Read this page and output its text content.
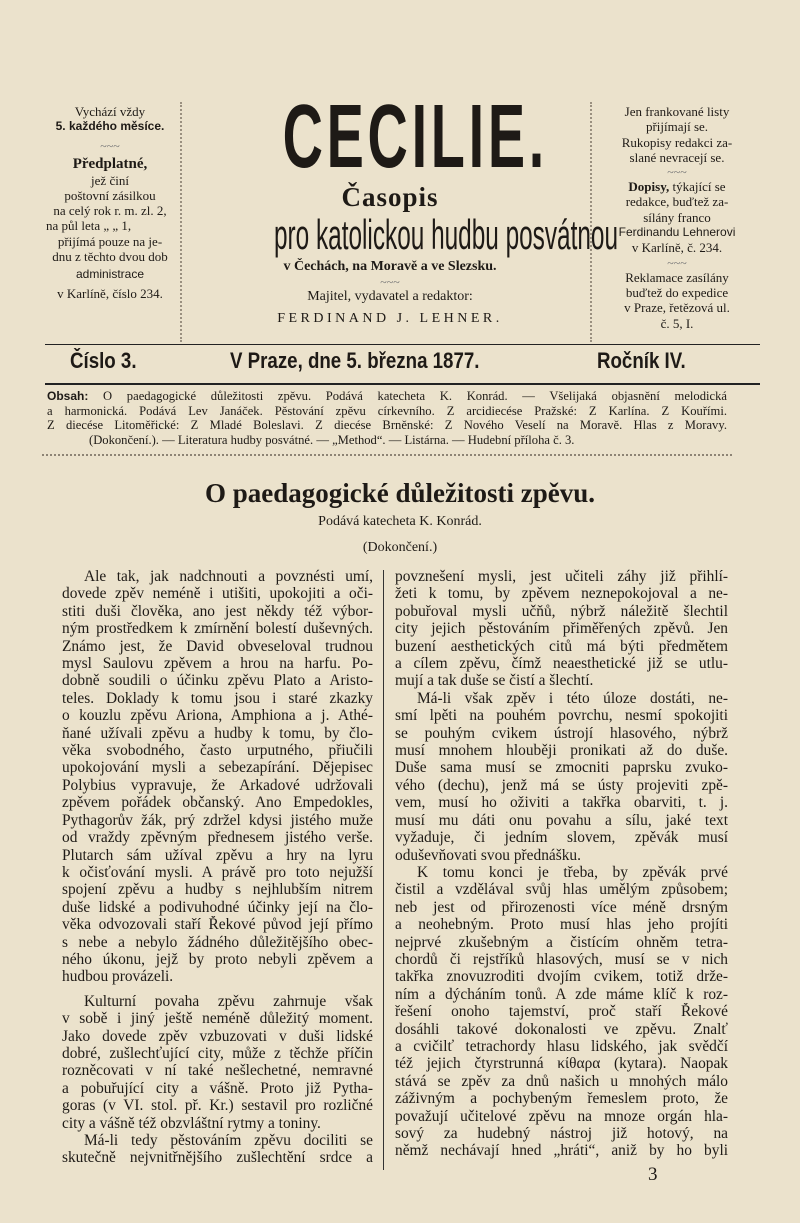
Vychází vždy
5. každého měsíce.
~~~
Předplatné,
jež činí
poštovní zásilkou
na celý rok r. m. zl. 2,
na půl leta „ „ 1,
přijímá pouze na je-
dnu z těchto dvou dob
administrace
v Karlíně, číslo 234.
CECILIE.
Časopis
pro katolickou hudbu posvátnou
v Čechách, na Moravě a ve Slezsku.
~~~
Majitel, vydavatel a redaktor:
FERDINAND J. LEHNER.
Jen frankované listy
přijímají se.
Rukopisy redakci za-
slané nevracejí se.
~~~
Dopisy, týkající se
redakce, buďtež za-
sílány franco
Ferdinandu Lehnerovi
v Karlíně, č. 234.
~~~
Reklamace zasílány
buďtež do expedice
v Praze, řetězová ul.
č. 5, I.
Číslo 3.	V Praze, dne 5. března 1877.	Ročník IV.
Obsah: O paedagogické důležitosti zpěvu. Podává katecheta K. Konrád. — Všelijaká objasnění melodická
a harmonická. Podává Lev Janáček. Pěstování zpěvu církevního. Z arcidiecése Pražské: Z Karlína. Z Kouřími.
Z diecése Litoměřické: Z Mladé Boleslavi. Z diecése Brněnské: Z Nového Veselí na Moravě. Hlas z Moravy.
(Dokončení.). — Literatura hudby posvátné. — „Method“. — Listárna. — Hudební příloha č. 3.
O paedagogické důležitosti zpěvu.
Podává katecheta K. Konrád.
(Dokončení.)
Ale tak, jak nadchnouti a povznésti umí,
dovede zpěv neméně i utišiti, upokojiti a oči-
stiti duši člověka, ano jest někdy též výbor-
ným prostředkem k zmírnění bolestí duševných.
Známo jest, že David obveseloval trudnou
mysl Saulovu zpěvem a hrou na harfu. Po-
dobně soudili o účinku zpěvu Plato a Aristo-
teles. Doklady k tomu jsou i staré zkazky
o kouzlu zpěvu Ariona, Amphiona a j. Athé-
ňané užívali zpěvu a hudby k tomu, by člo-
věka svobodného, často urputného, přiučili
upokojování mysli a sebezapírání. Dějepisec
Polybius vypravuje, že Arkadové udržovali
zpěvem pořádek občanský. Ano Empedokles,
Pythagorův žák, prý zdržel kdysi jistého muže
od vraždy zpěvným přednesem jistého verše.
Plutarch sám užíval zpěvu a hry na lyru
k očisťování mysli. A právě pro toto nejužší
spojení zpěvu a hudby s nejhlubším nitrem
duše lidské a podivuhodné účinky její na člo-
věka odvozovali staří Řekové původ její přímo
s nebe a nebylo žádného důležitějšího obec-
ného úkonu, jejž by proto nebyli zpěvem a
hudbou provázeli.
Kulturní povaha zpěvu zahrnuje však
v sobě i jiný ještě neméně důležitý moment.
Jako dovede zpěv vzbuzovati v duši lidské
dobré, zušlechťující city, může z těchže příčin
rozněcovati v ní také nešlechetné, nemravné
a pobuřující city a vášně. Proto již Pytha-
goras (v VI. stol. př. Kr.) sestavil pro rozličné
city a vášně též obzvláštní rytmy a toniny.
Má-li tedy pěstováním zpěvu dociliti se
skutečně nejvnitřnějšího zušlechtění srdce a
povznešení mysli, jest učiteli záhy již přihlí-
žeti k tomu, by zpěvem neznepokojoval a ne-
pobuřoval mysli učňů, nýbrž náležitě šlechtil
city jejich pěstováním přiměřených zpěvů. Jen
buzení aesthetických citů má býti předmětem
a cílem zpěvu, čímž neaesthetické již se utlu-
mují a tak duše se čistí a šlechtí.
Má-li však zpěv i této úloze dostáti, ne-
smí lpěti na pouhém povrchu, nesmí spokojiti
se pouhým cvikem ústrojí hlasového, nýbrž
musí mnohem hlouběji pronikati až do duše.
Duše sama musí se zmocniti paprsku zvuko-
vého (dechu), jenž má se ústy projeviti zpě-
vem, musí ho oživiti a takřka obarviti, t. j.
musí mu dáti onu povahu a sílu, jaké text
vyžaduje, či jedním slovem, zpěvák musí
oduševňovati svou přednášku.
K tomu konci je třeba, by zpěvák prvé
čistil a vzdělával svůj hlas umělým způsobem;
neb jest od přirozenosti více méně drsným
a neohebným. Proto musí hlas jeho projíti
nejprvé zkušebným a čistícím ohněm tetra-
chordů či rejstříků hlasových, musí se v nich
takřka znovuzroditi dvojím cvikem, totiž drže-
ním a dýcháním tonů. A zde máme klíč k roz-
řešení onoho tajemství, proč staří Řekové
dosáhli takové dokonalosti ve zpěvu. Znalť
a cvičilť tetrachordy hlasu lidského, jak svědčí
též jejich čtyrstrunná κίθαρα (kytara). Naopak
stává se zpěv za dnů našich u mnohých málo
záživným a pochybeným řemeslem proto, že
považují učitelové zpěvu na mnoze orgán hla-
sový za hudebný nástroj již hotový, na
němž nechávají hned „hráti“, aniž by ho byli
3
